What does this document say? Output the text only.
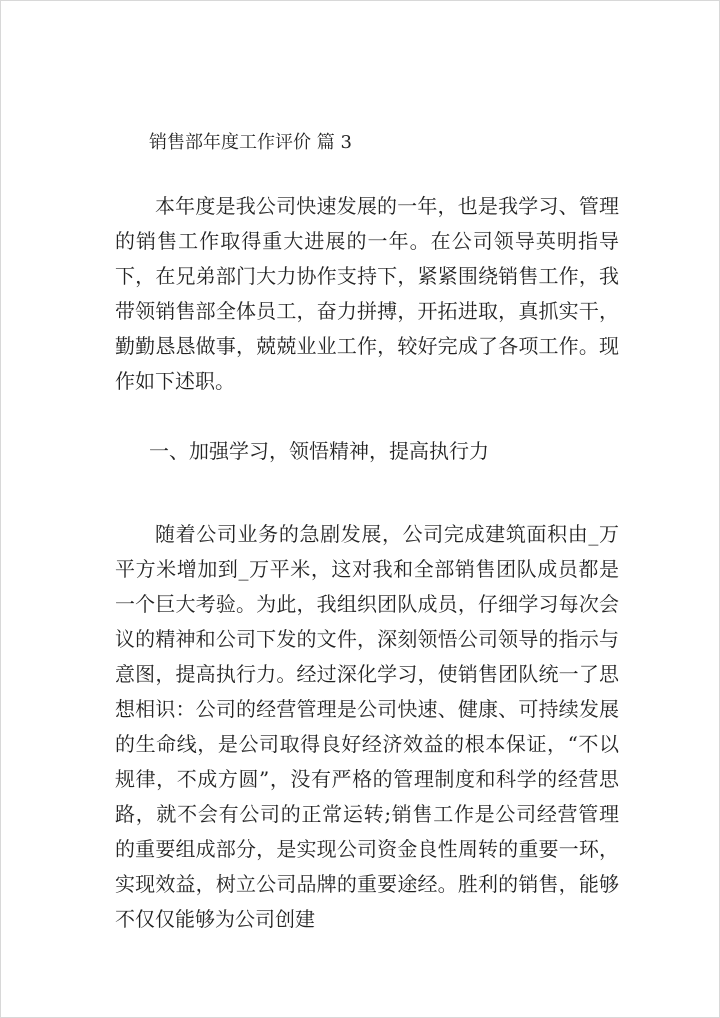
销售部年度工作评价 篇 3

本年度是我公司快速发展的一年，也是我学习、管理的销售工作取得重大进展的一年。在公司领导英明指导下，在兄弟部门大力协作支持下，紧紧围绕销售工作，我带领销售部全体员工，奋力拼搏，开拓进取，真抓实干，勤勤恳恳做事，兢兢业业工作，较好完成了各项工作。现作如下述职。

一、加强学习，领悟精神，提高执行力

随着公司业务的急剧发展，公司完成建筑面积由_万平方米增加到_万平米，这对我和全部销售团队成员都是一个巨大考验。为此，我组织团队成员，仔细学习每次会议的精神和公司下发的文件，深刻领悟公司领导的指示与意图，提高执行力。经过深化学习，使销售团队统一了思想相识：公司的经营管理是公司快速、健康、可持续发展的生命线，是公司取得良好经济效益的根本保证，“不以规律，不成方圆”，没有严格的管理制度和科学的经营思路，就不会有公司的正常运转;销售工作是公司经营管理的重要组成部分，是实现公司资金良性周转的重要一环，实现效益，树立公司品牌的重要途经。胜利的销售，能够不仅仅能够为公司创建
